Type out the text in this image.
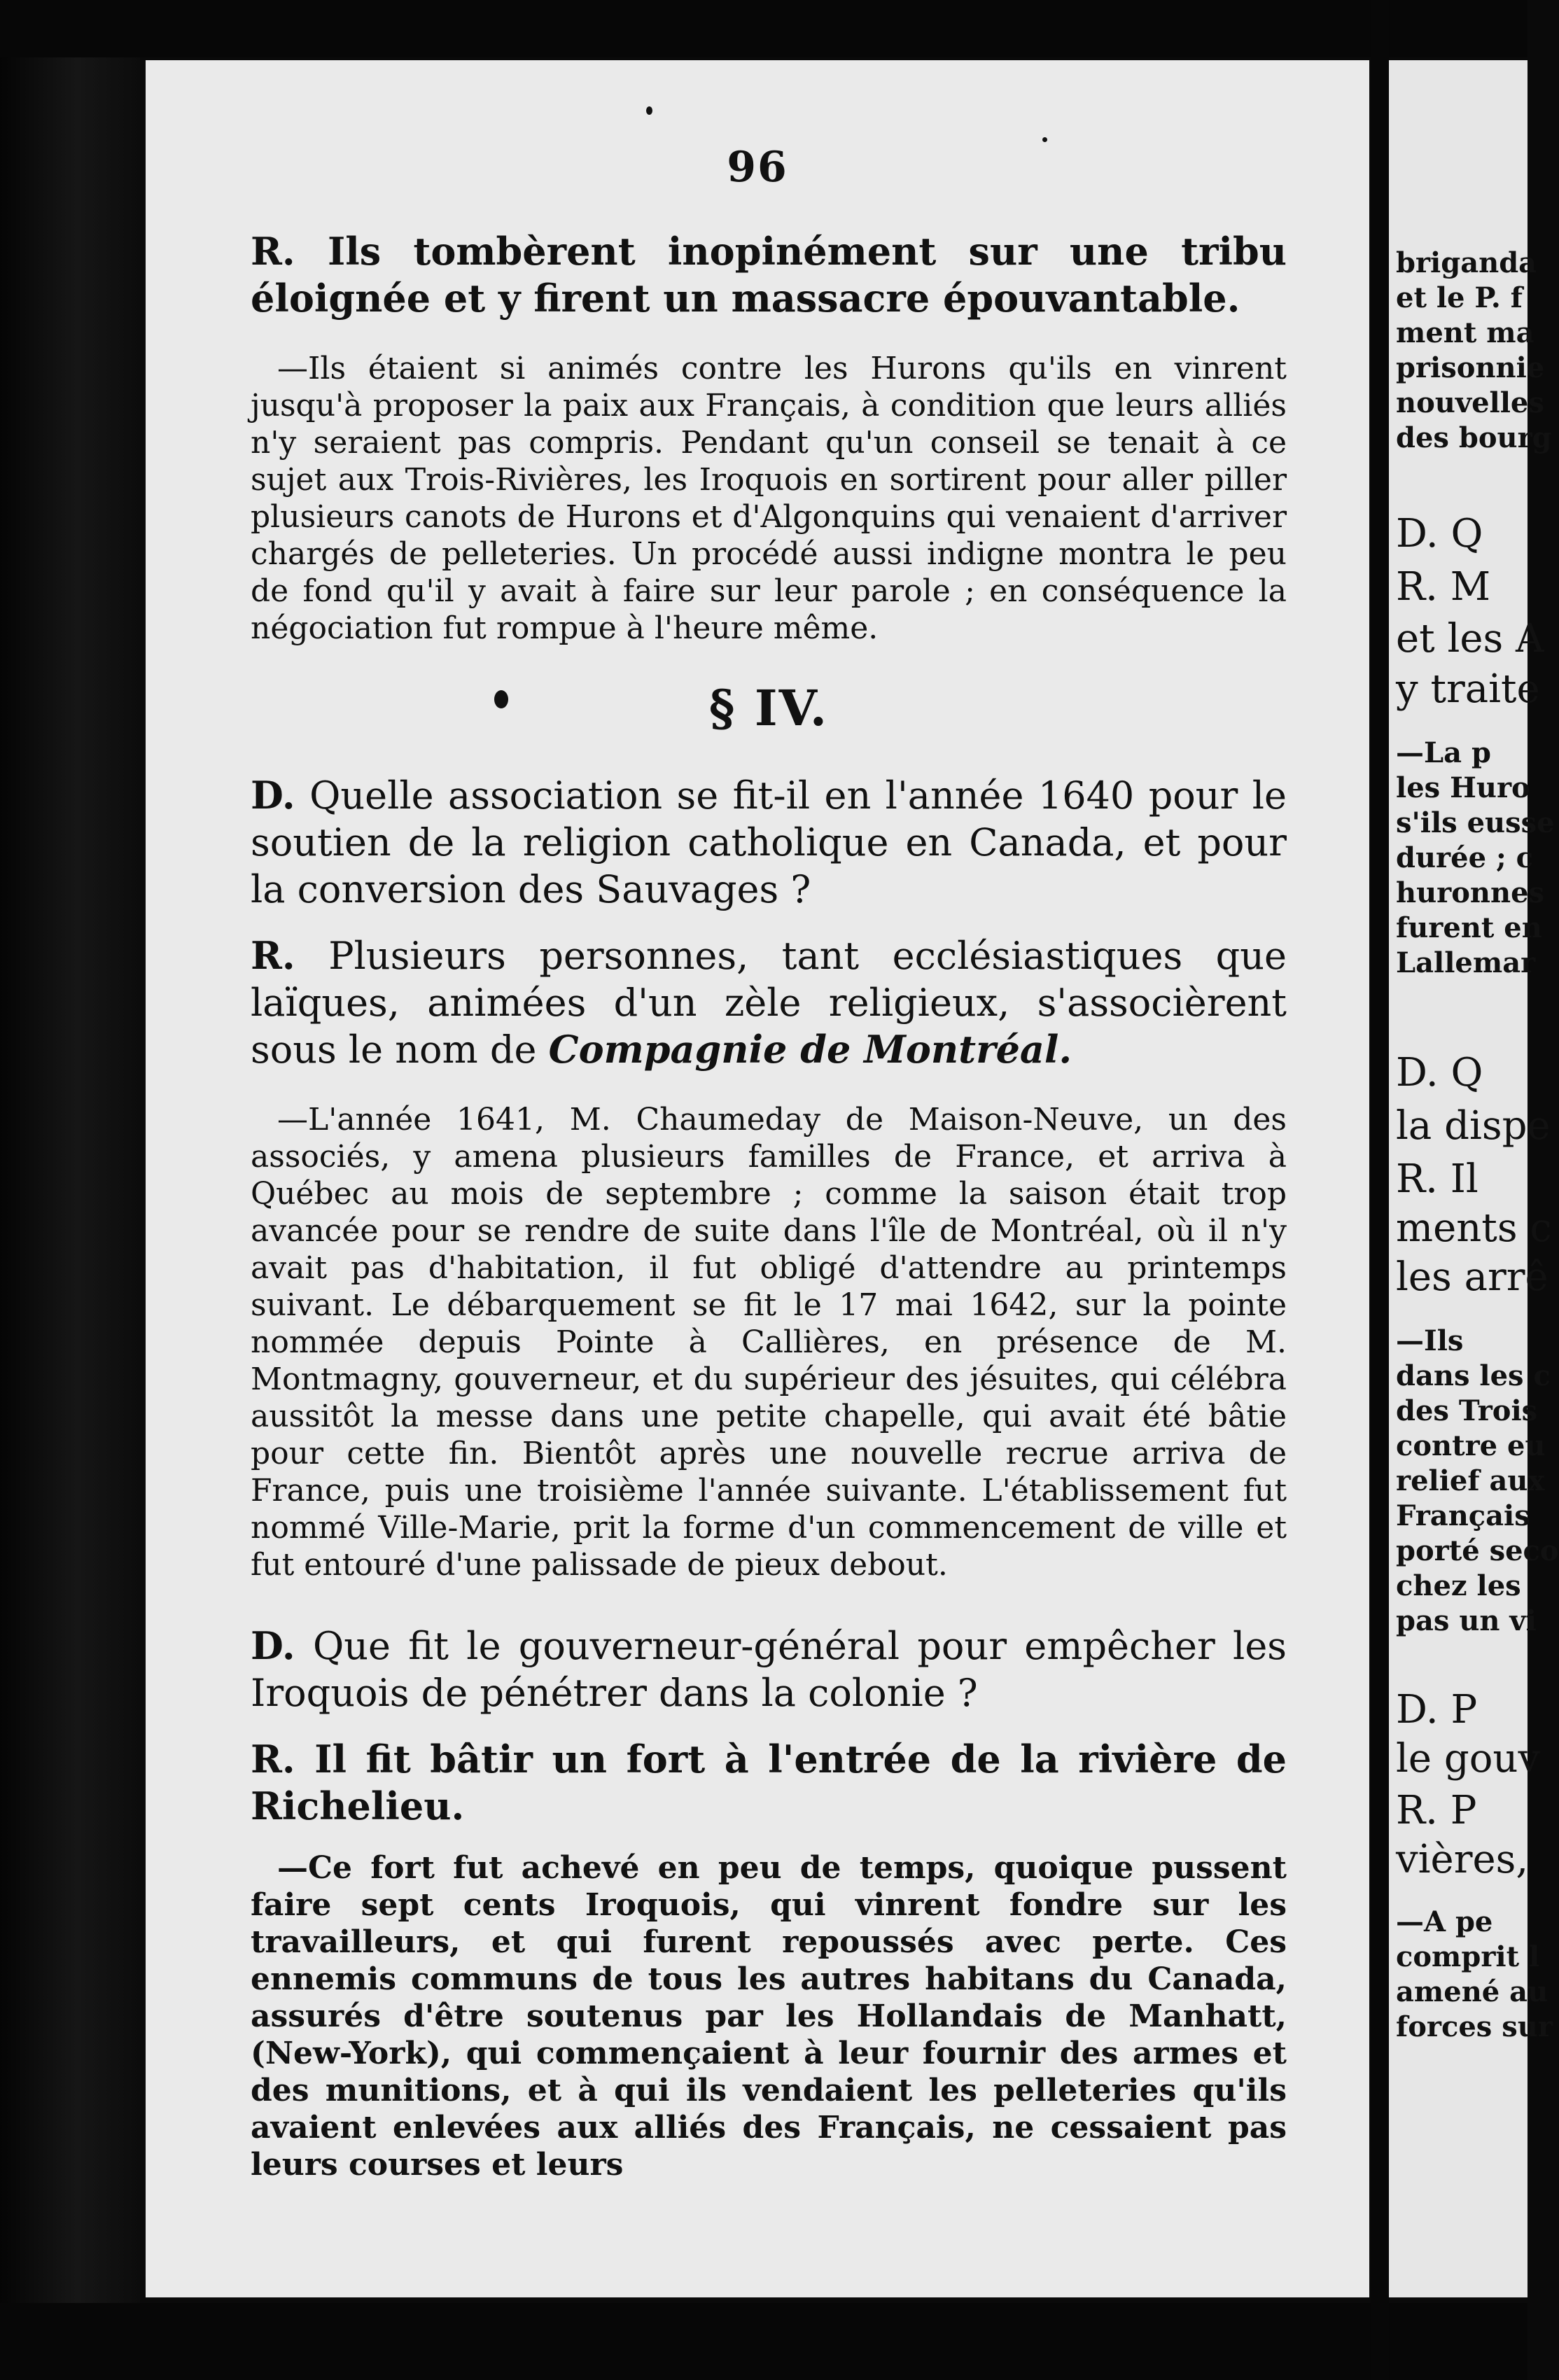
96

R. Ils tombèrent inopinément sur une tribu éloignée et y firent un massacre épouvantable.

—Ils étaient si animés contre les Hurons qu'ils en vinrent jusqu'à proposer la paix aux Français, à condition que leurs alliés n'y seraient pas compris. Pendant qu'un conseil se tenait à ce sujet aux Trois-Rivières, les Iroquois en sortirent pour aller piller plusieurs canots de Hurons et d'Algonquins qui venaient d'arriver chargés de pelleteries. Un procédé aussi indigne montra le peu de fond qu'il y avait à faire sur leur parole ; en conséquence la négociation fut rompue à l'heure même.

§ IV.

D. Quelle association se fit-il en l'année 1640 pour le soutien de la religion catholique en Canada, et pour la conversion des Sauvages ?

R. Plusieurs personnes, tant ecclésiastiques que laïques, animées d'un zèle religieux, s'associèrent sous le nom de Compagnie de Montréal.

—L'année 1641, M. Chaumeday de Maison-Neuve, un des associés, y amena plusieurs familles de France, et arriva à Québec au mois de septembre ; comme la saison était trop avancée pour se rendre de suite dans l'île de Montréal, où il n'y avait pas d'habitation, il fut obligé d'attendre au printemps suivant. Le débarquement se fit le 17 mai 1642, sur la pointe nommée depuis Pointe à Callières, en présence de M. Montmagny, gouverneur, et du supérieur des jésuites, qui célébra aussitôt la messe dans une petite chapelle, qui avait été bâtie pour cette fin. Bientôt après une nouvelle recrue arriva de France, puis une troisième l'année suivante. L'établissement fut nommé Ville-Marie, prit la forme d'un commencement de ville et fut entouré d'une palissade de pieux debout.

D. Que fit le gouverneur-général pour empêcher les Iroquois de pénétrer dans la colonie ?

R. Il fit bâtir un fort à l'entrée de la rivière de Richelieu.

—Ce fort fut achevé en peu de temps, quoique pussent faire sept cents Iroquois, qui vinrent fondre sur les travailleurs, et qui furent repoussés avec perte. Ces ennemis communs de tous les autres habitans du Canada, assurés d'être soutenus par les Hollandais de Manhatt, (New-York), qui commençaient à leur fournir des armes et des munitions, et à qui ils vendaient les pelleteries qu'ils avaient enlevées aux alliés des Français, ne cessaient pas leurs courses et leurs

briganda
et le P. f
ment ma
prisonnie
nouvelles
des bourg
D. Q
R. M
et les A
y traite
—La p
les Huro
s'ils eusse
durée ; c
huronnes
furent en
Lallemar
D. Q
la dispe
R. Il
ments c
les arrê
—Ils
dans les c
des Trois
contre eu
relief aux
Français
porté seco
chez les
pas un vi
D. P
le gouv
R. P
vières,
—A pe
comprit l
amené au
forces sur
